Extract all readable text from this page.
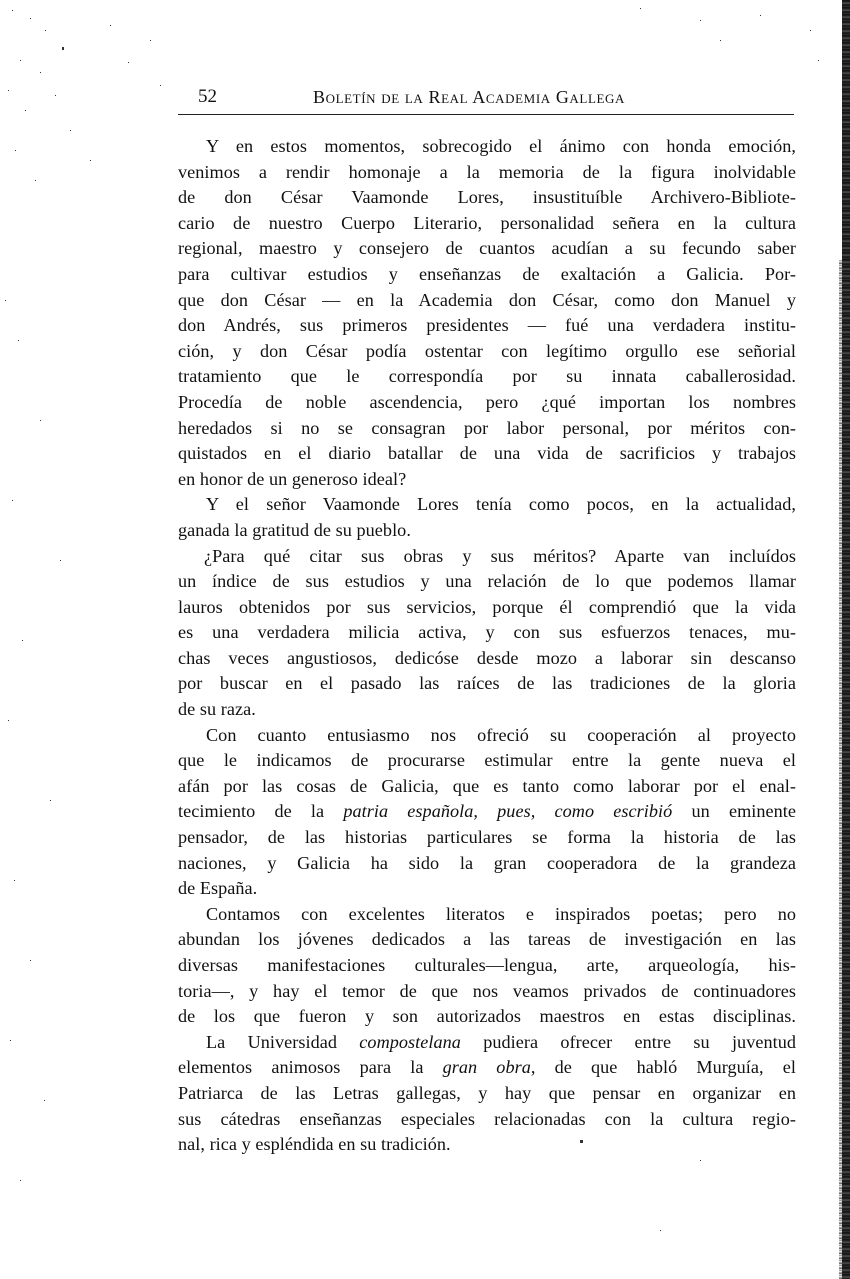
52	Boletín de la Real Academia Gallega
Y en estos momentos, sobrecogido el ánimo con honda emoción,
venimos a rendir homonaje a la memoria de la figura inolvidable
de don César Vaamonde Lores, insustituíble Archivero-Bibliote-
cario de nuestro Cuerpo Literario, personalidad señera en la cultura
regional, maestro y consejero de cuantos acudían a su fecundo saber
para cultivar estudios y enseñanzas de exaltación a Galicia. Por-
que don César — en la Academia don César, como don Manuel y
don Andrés, sus primeros presidentes — fué una verdadera institu-
ción, y don César podía ostentar con legítimo orgullo ese señorial
tratamiento que le correspondía por su innata caballerosidad.
Procedía de noble ascendencia, pero ¿qué importan los nombres
heredados si no se consagran por labor personal, por méritos con-
quistados en el diario batallar de una vida de sacrificios y trabajos
en honor de un generoso ideal?
Y el señor Vaamonde Lores tenía como pocos, en la actualidad,
ganada la gratitud de su pueblo.
¿Para qué citar sus obras y sus méritos? Aparte van incluídos
un índice de sus estudios y una relación de lo que podemos llamar
lauros obtenidos por sus servicios, porque él comprendió que la vida
es una verdadera milicia activa, y con sus esfuerzos tenaces, mu-
chas veces angustiosos, dedicóse desde mozo a laborar sin descanso
por buscar en el pasado las raíces de las tradiciones de la gloria
de su raza.
Con cuanto entusiasmo nos ofreció su cooperación al proyecto
que le indicamos de procurarse estimular entre la gente nueva el
afán por las cosas de Galicia, que es tanto como laborar por el enal-
tecimiento de la patria española, pues, como escribió un eminente
pensador, de las historias particulares se forma la historia de las
naciones, y Galicia ha sido la gran cooperadora de la grandeza
de España.
Contamos con excelentes literatos e inspirados poetas; pero no
abundan los jóvenes dedicados a las tareas de investigación en las
diversas manifestaciones culturales—lengua, arte, arqueología, his-
toria—, y hay el temor de que nos veamos privados de continuadores
de los que fueron y son autorizados maestros en estas disciplinas.
La Universidad compostelana pudiera ofrecer entre su juventud
elementos animosos para la gran obra, de que habló Murguía, el
Patriarca de las Letras gallegas, y hay que pensar en organizar en
sus cátedras enseñanzas especiales relacionadas con la cultura regio-
nal, rica y espléndida en su tradición.
